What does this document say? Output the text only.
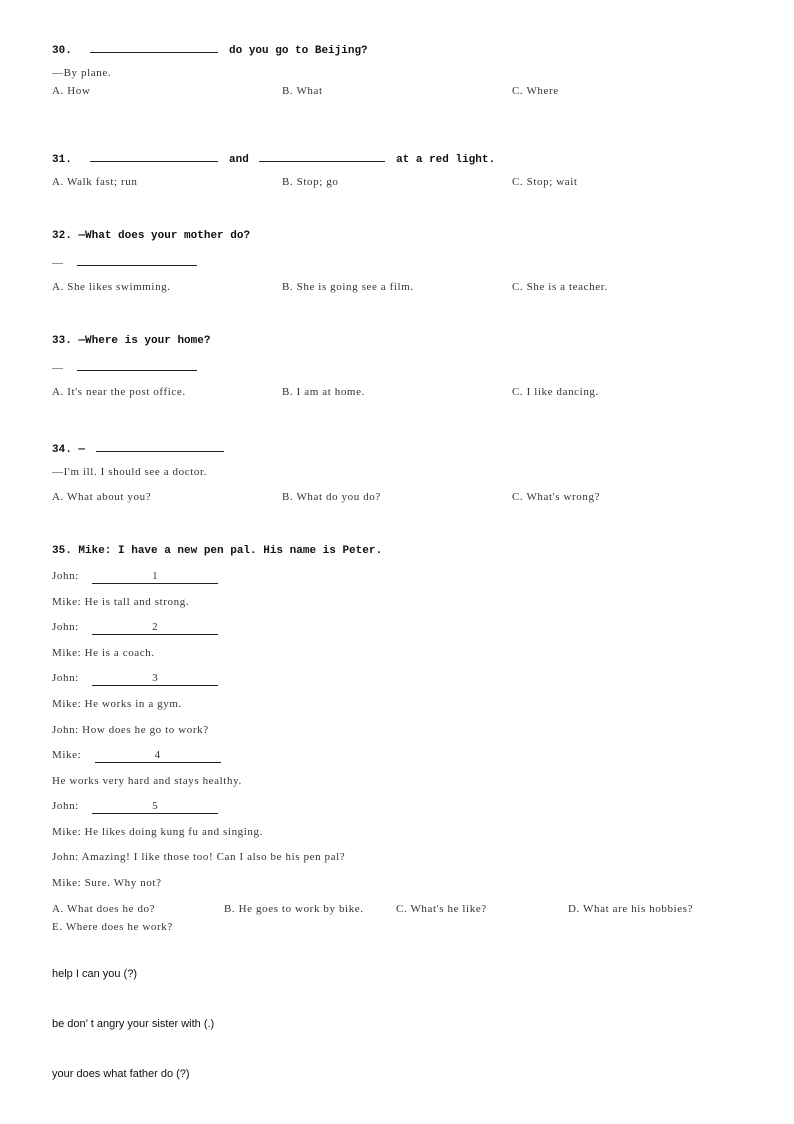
30.	do you go to Beijing?
—By plane.
A. How	B. What	C. Where
31.	and	at a red light.
A. Walk fast; run	B. Stop; go	C. Stop; wait
32. —What does your mother do?
—
A. She likes swimming.	B. She is going see a film.	C. She is a teacher.
33. —Where is your home?
—
A. It's near the post office.	B. I am at home.	C. I like dancing.
34. —
—I'm ill. I should see a doctor.
A. What about you?	B. What do you do?	C. What's wrong?
35. Mike: I have a new pen pal. His name is Peter.
John:	1
Mike: He is tall and strong.
John:	2
Mike: He is a coach.
John:	3
Mike: He works in a gym.
John: How does he go to work?
Mike:	4
He works very hard and stays healthy.
John:	5
Mike: He likes doing kung fu and singing.
John: Amazing! I like those too! Can I also be his pen pal?
Mike: Sure. Why not?
A. What does he do?	B. He goes to work by bike.	C. What's he like?	D. What are his hobbies?
E. Where does he work?
help I can you (?)
be don’ t angry your sister with (.)
your does what father do (?)
